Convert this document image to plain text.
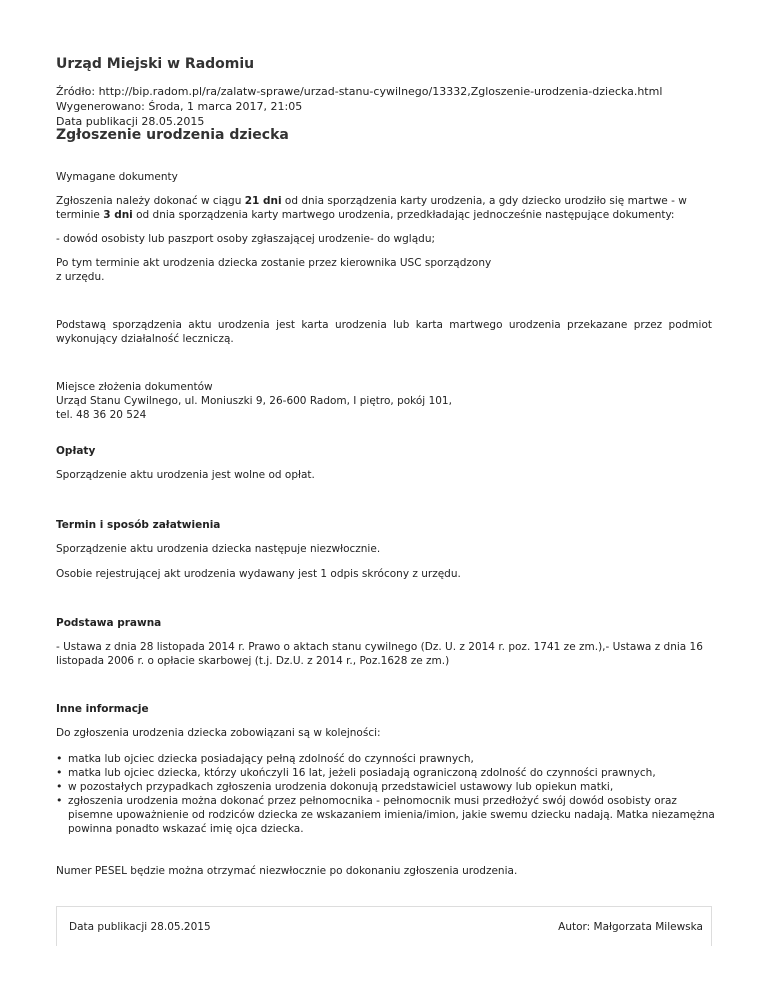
Urząd Miejski w Radomiu
Źródło: http://bip.radom.pl/ra/zalatw-sprawe/urzad-stanu-cywilnego/13332,Zgloszenie-urodzenia-dziecka.html
Wygenerowano: Środa, 1 marca 2017, 21:05
Data publikacji 28.05.2015
Zgłoszenie urodzenia dziecka

Wymagane dokumenty

Zgłoszenia należy dokonać w ciągu 21 dni od dnia sporządzenia karty urodzenia, a gdy dziecko urodziło się martwe - w terminie 3 dni od dnia sporządzenia karty martwego urodzenia, przedkładając jednocześnie następujące dokumenty:

- dowód osobisty lub paszport osoby zgłaszającej urodzenie- do wglądu;

Po tym terminie akt urodzenia dziecka zostanie przez kierownika USC sporządzony

z urzędu.

Podstawą sporządzenia aktu urodzenia jest karta urodzenia lub karta martwego urodzenia przekazane przez podmiot wykonujący działalność leczniczą.

Miejsce złożenia dokumentów

Urząd Stanu Cywilnego, ul. Moniuszki 9, 26-600 Radom, I piętro, pokój 101,

tel. 48 36 20 524

Opłaty

Sporządzenie aktu urodzenia jest wolne od opłat.

Termin i sposób załatwienia

Sporządzenie aktu urodzenia dziecka następuje niezwłocznie.

Osobie rejestrującej akt urodzenia wydawany jest 1 odpis skrócony z urzędu.

Podstawa prawna

- Ustawa z dnia 28 listopada 2014 r. Prawo o aktach stanu cywilnego (Dz. U. z 2014 r. poz. 1741 ze zm.),- Ustawa z dnia 16 listopada 2006 r. o opłacie skarbowej (t.j. Dz.U. z 2014 r., Poz.1628 ze zm.)

Inne informacje

Do zgłoszenia urodzenia dziecka zobowiązani są w kolejności:

• matka lub ojciec dziecka posiadający pełną zdolność do czynności prawnych,
• matka lub ojciec dziecka, którzy ukończyli 16 lat, jeżeli posiadają ograniczoną zdolność do czynności prawnych,
• w pozostałych przypadkach zgłoszenia urodzenia dokonują przedstawiciel ustawowy lub opiekun matki,
• zgłoszenia urodzenia można dokonać przez pełnomocnika - pełnomocnik musi przedłożyć swój dowód osobisty oraz pisemne upoważnienie od rodziców dziecka ze wskazaniem imienia/imion, jakie swemu dziecku nadają. Matka niezamężna powinna ponadto wskazać imię ojca dziecka.

Numer PESEL będzie można otrzymać niezwłocznie po dokonaniu zgłoszenia urodzenia.

Data publikacji 28.05.2015	Autor: Małgorzata Milewska
